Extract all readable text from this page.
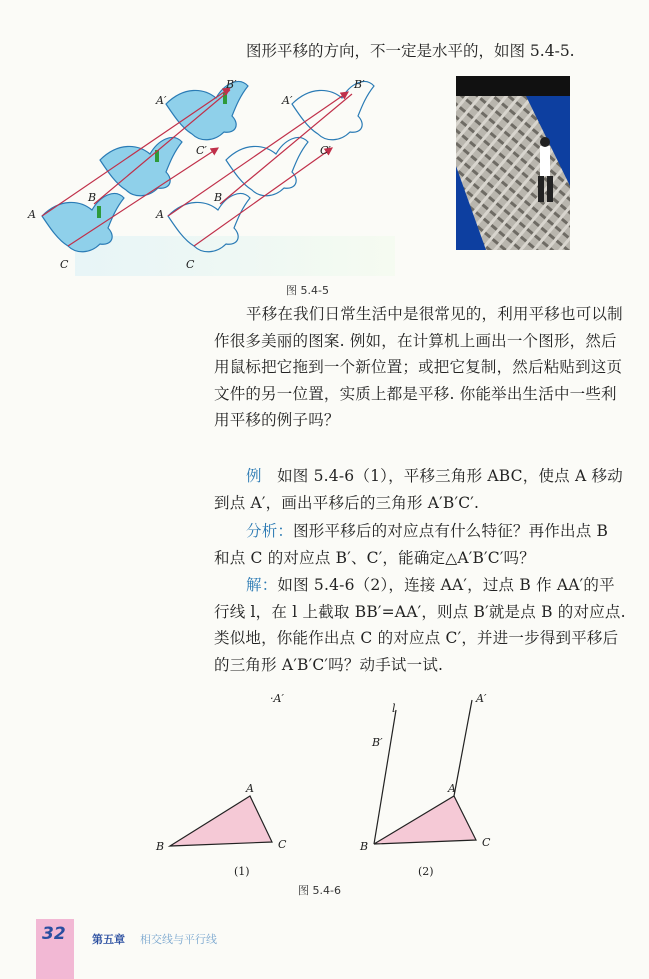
图形平移的方向，不一定是水平的，如图 5.4-5.
A
B
C
A′
B′
C′
A
B
C
A′
B′
C′
图 5.4-5
平移在我们日常生活中是很常见的，利用平移也可以制作很多美丽的图案. 例如，在计算机上画出一个图形，然后用鼠标把它拖到一个新位置；或把它复制，然后粘贴到这页文件的另一位置，实质上都是平移. 你能举出生活中一些利用平移的例子吗？
例 如图 5.4-6（1），平移三角形 ABC，使点 A 移动到点 A′，画出平移后的三角形 A′B′C′.
分析：图形平移后的对应点有什么特征？再作出点 B 和点 C 的对应点 B′、C′，能确定△A′B′C′吗？
解：如图 5.4-6（2），连接 AA′，过点 B 作 AA′的平行线 l，在 l 上截取 BB′=AA′，则点 B′就是点 B 的对应点. 类似地，你能作出点 C 的对应点 C′，并进一步得到平移后的三角形 A′B′C′吗？动手试一试.
·A′
A
B	C
l
A′
B′
A
B	C
(1)	(2)
图 5.4-6
32 第五章 相交线与平行线
